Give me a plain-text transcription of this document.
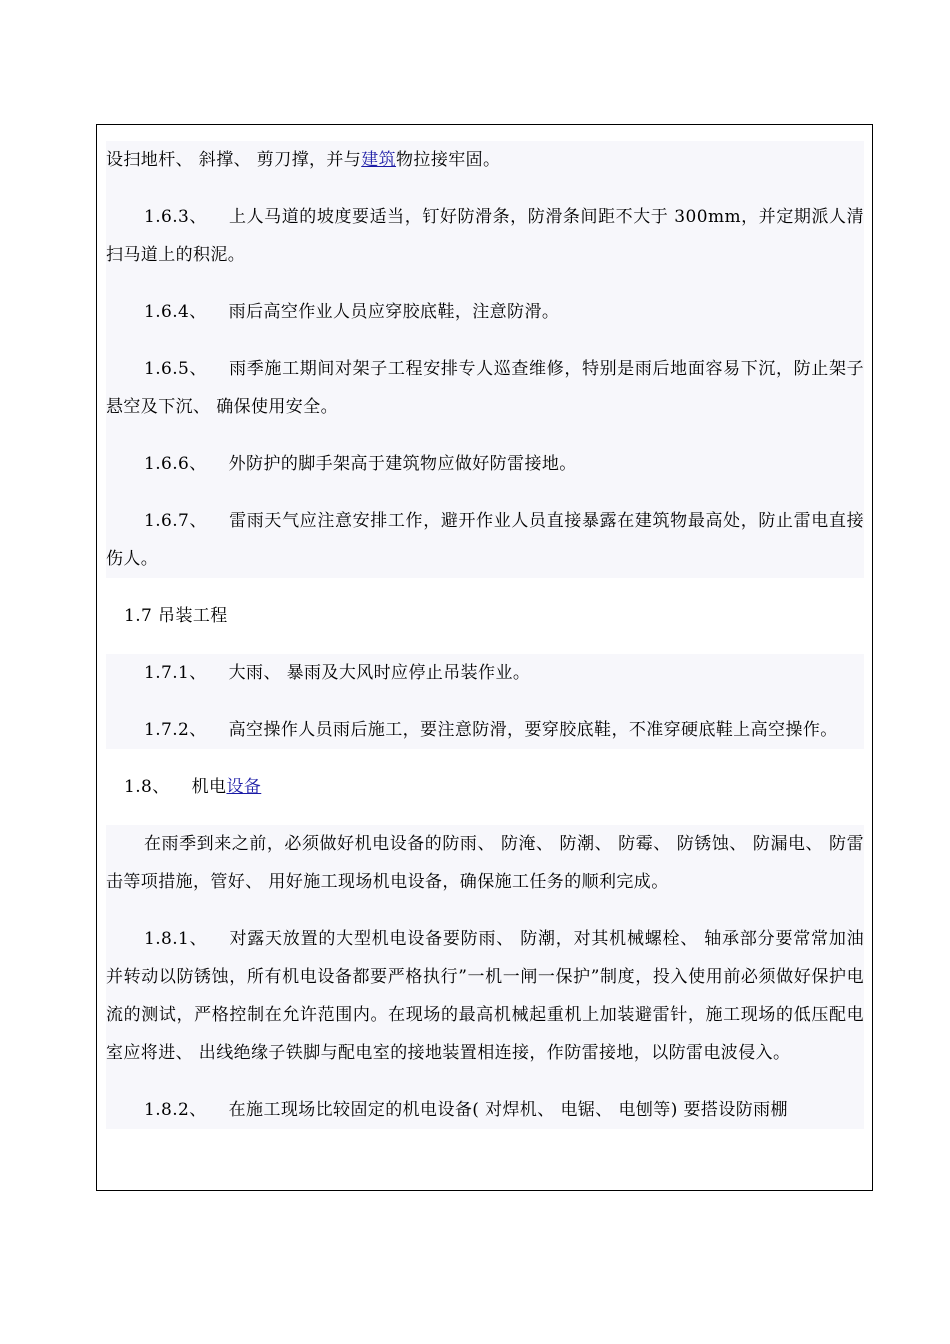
设扫地杆、 斜撑、 剪刀撑，并与建筑物拉接牢固。

1.6.3、 上人马道的坡度要适当，钉好防滑条，防滑条间距不大于 300mm，并定期派人清扫马道上的积泥。

1.6.4、 雨后高空作业人员应穿胶底鞋，注意防滑。

1.6.5、 雨季施工期间对架子工程安排专人巡查维修，特别是雨后地面容易下沉，防止架子悬空及下沉、 确保使用安全。

1.6.6、 外防护的脚手架高于建筑物应做好防雷接地。

1.6.7、 雷雨天气应注意安排工作，避开作业人员直接暴露在建筑物最高处，防止雷电直接伤人。

1.7 吊装工程

1.7.1、 大雨、 暴雨及大风时应停止吊装作业。

1.7.2、 高空操作人员雨后施工，要注意防滑，要穿胶底鞋，不准穿硬底鞋上高空操作。

1.8、 机电设备

在雨季到来之前，必须做好机电设备的防雨、 防淹、 防潮、 防霉、 防锈蚀、 防漏电、 防雷击等项措施，管好、 用好施工现场机电设备，确保施工任务的顺利完成。

1.8.1、 对露天放置的大型机电设备要防雨、 防潮，对其机械螺栓、 轴承部分要常常加油并转动以防锈蚀，所有机电设备都要严格执行”一机一闸一保护”制度，投入使用前必须做好保护电流的测试，严格控制在允许范围内。在现场的最高机械起重机上加装避雷针，施工现场的低压配电室应将进、 出线绝缘子铁脚与配电室的接地装置相连接，作防雷接地，以防雷电波侵入。

1.8.2、 在施工现场比较固定的机电设备( 对焊机、 电锯、 电刨等) 要搭设防雨棚
